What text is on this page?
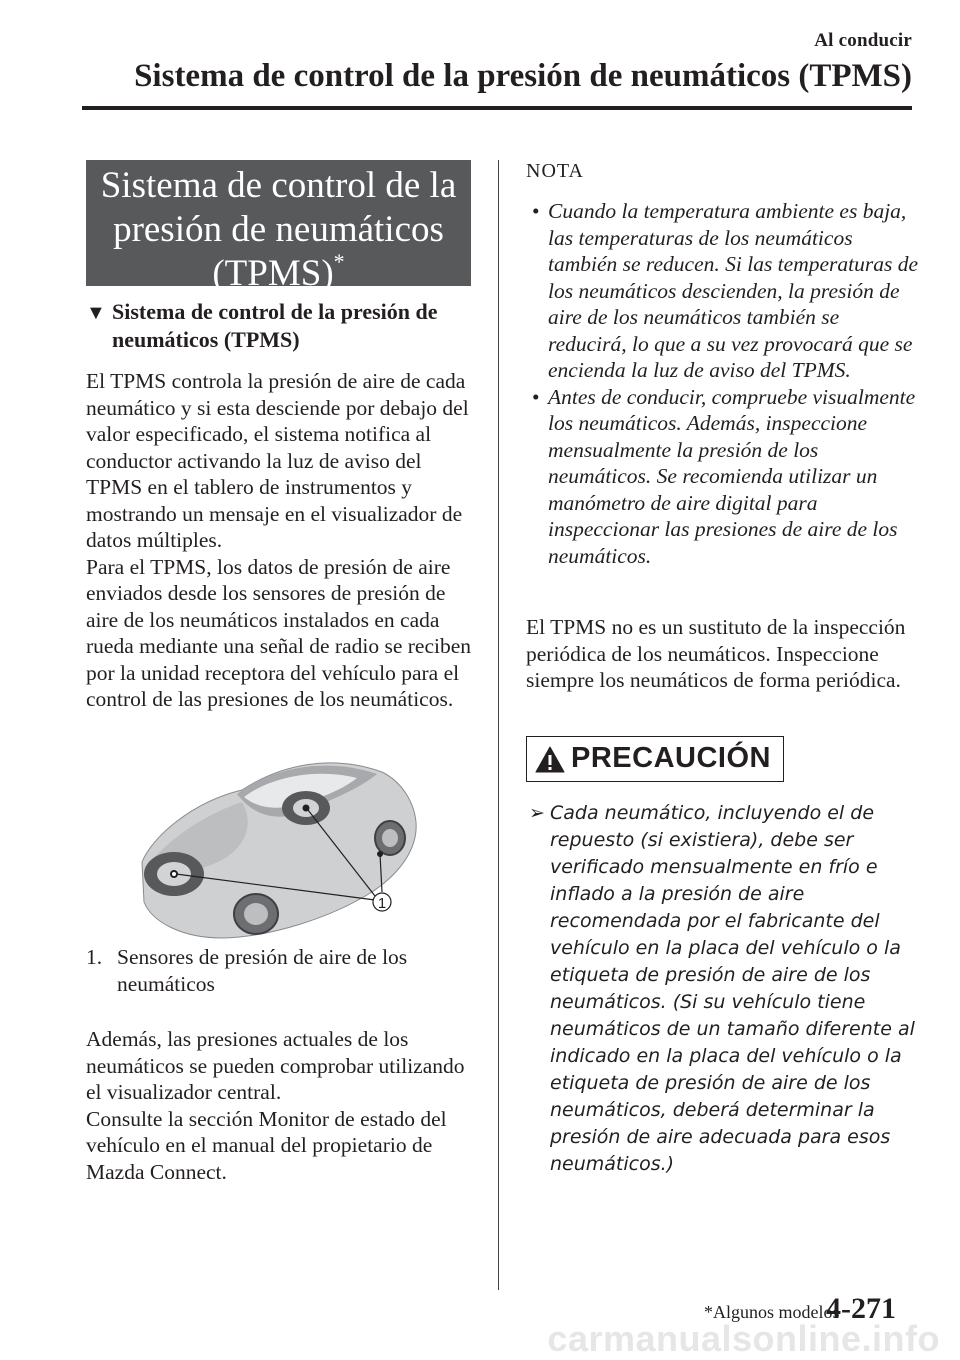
Al conducir
Sistema de control de la presión de neumáticos (TPMS)
Sistema de control de la
presión de neumáticos
(TPMS)*
▼ Sistema de control de la presión de neumáticos (TPMS)
El TPMS controla la presión de aire de cada neumático y si esta desciende por debajo del valor especificado, el sistema notifica al conductor activando la luz de aviso del TPMS en el tablero de instrumentos y mostrando un mensaje en el visualizador de datos múltiples.
Para el TPMS, los datos de presión de aire enviados desde los sensores de presión de aire de los neumáticos instalados en cada rueda mediante una señal de radio se reciben por la unidad receptora del vehículo para el control de las presiones de los neumáticos.
1
1. Sensores de presión de aire de los neumáticos
Además, las presiones actuales de los neumáticos se pueden comprobar utilizando el visualizador central.
Consulte la sección Monitor de estado del vehículo en el manual del propietario de Mazda Connect.
NOTA
• Cuando la temperatura ambiente es baja, las temperaturas de los neumáticos también se reducen. Si las temperaturas de los neumáticos descienden, la presión de aire de los neumáticos también se reducirá, lo que a su vez provocará que se encienda la luz de aviso del TPMS.
• Antes de conducir, compruebe visualmente los neumáticos. Además, inspeccione mensualmente la presión de los neumáticos. Se recomienda utilizar un manómetro de aire digital para inspeccionar las presiones de aire de los neumáticos.
El TPMS no es un sustituto de la inspección periódica de los neumáticos. Inspeccione siempre los neumáticos de forma periódica.
PRECAUCIÓN
➢ Cada neumático, incluyendo el de repuesto (si existiera), debe ser verificado mensualmente en frío e inflado a la presión de aire recomendada por el fabricante del vehículo en la placa del vehículo o la etiqueta de presión de aire de los neumáticos. (Si su vehículo tiene neumáticos de un tamaño diferente al indicado en la placa del vehículo o la etiqueta de presión de aire de los neumáticos, deberá determinar la presión de aire adecuada para esos neumáticos.)
*Algunos modelos
4-271
carmanualsonline.info
